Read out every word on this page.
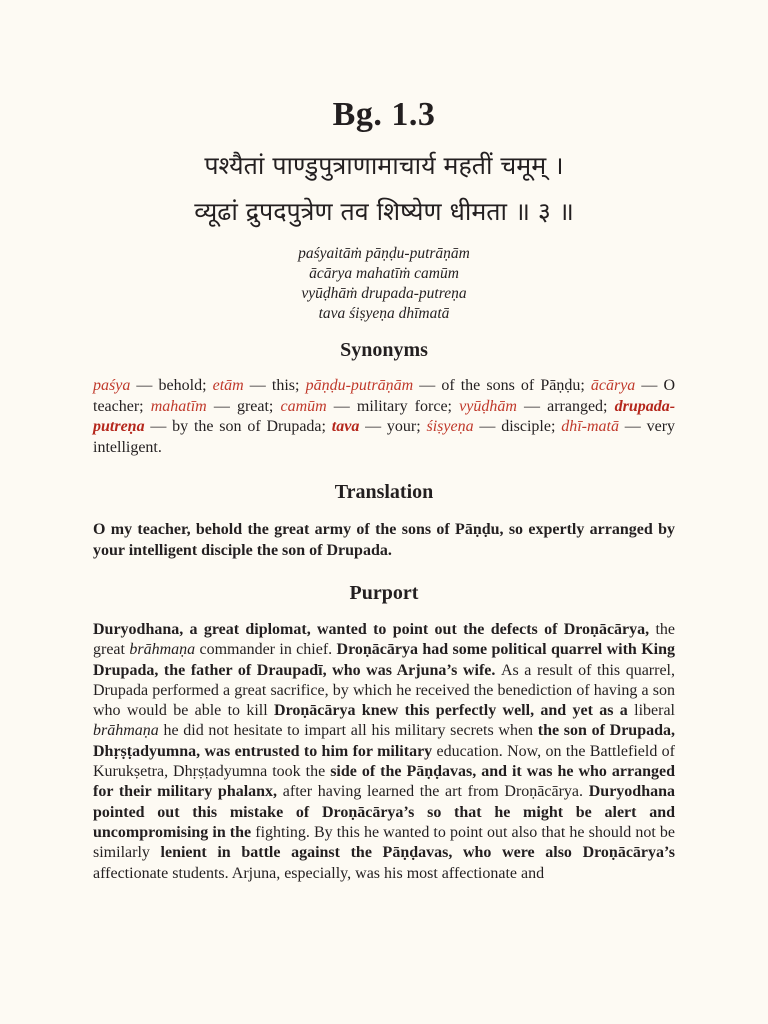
Bg. 1.3
पश्यैतां पाण्डुपुत्राणामाचार्य महतीं चमूम् ।
व्यूढां द्रुपदपुत्रेण तव शिष्येण धीमता ॥ ३ ॥
paśyaitāṁ pāṇḍu-putrāṇām
ācārya mahatīṁ camūm
vyūḍhāṁ drupada-putreṇa
tava śiṣyeṇa dhīmatā
Synonyms
paśya — behold; etām — this; pāṇḍu-putrāṇām — of the sons of Pāṇḍu; ācārya — O teacher; mahatīm — great; camūm — military force; vyūḍhām — arranged; drupada-putreṇa — by the son of Drupada; tava — your; śiṣyeṇa — disciple; dhī-matā — very intelligent.
Translation
O my teacher, behold the great army of the sons of Pāṇḍu, so expertly arranged by your intelligent disciple the son of Drupada.
Purport
Duryodhana, a great diplomat, wanted to point out the defects of Droṇācārya, the great brāhmaṇa commander in chief. Droṇācārya had some political quarrel with King Drupada, the father of Draupadī, who was Arjuna’s wife. As a result of this quarrel, Drupada performed a great sacrifice, by which he received the benediction of having a son who would be able to kill Droṇācārya knew this perfectly well, and yet as a liberal brāhmaṇa he did not hesitate to impart all his military secrets when the son of Drupada, Dhṛṣṭadyumna, was entrusted to him for military education. Now, on the Battlefield of Kurukṣetra, Dhṛṣṭadyumna took the side of the Pāṇḍavas, and it was he who arranged for their military phalanx, after having learned the art from Droṇācārya. Duryodhana pointed out this mistake of Droṇācārya’s so that he might be alert and uncompromising in the fighting. By this he wanted to point out also that he should not be similarly lenient in battle against the Pāṇḍavas, who were also Droṇācārya’s affectionate students. Arjuna, especially, was his most affectionate and
